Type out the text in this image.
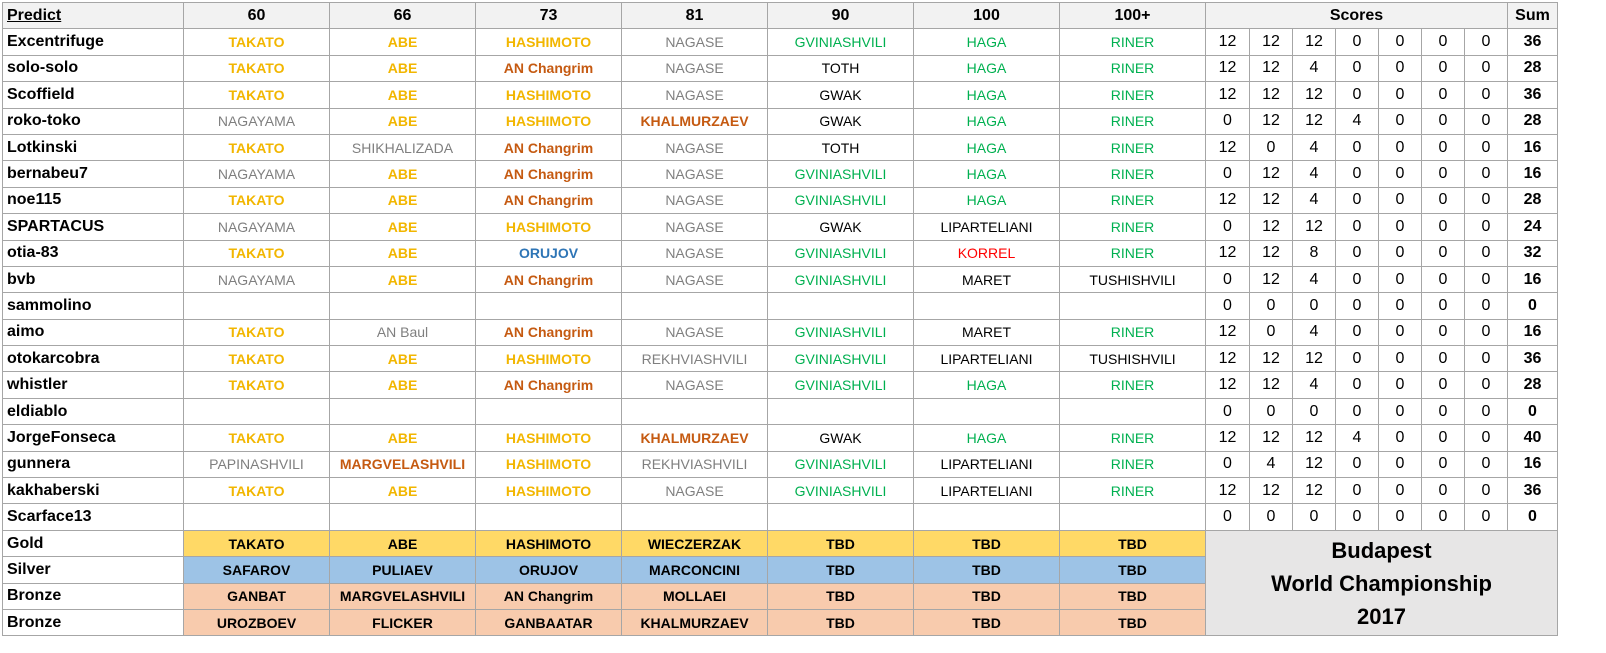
Predict	60	66	73	81	90	100	100+	Scores							Sum
Excentrifuge	TAKATO	ABE	HASHIMOTO	NAGASE	GVINIASHVILI	HAGA	RINER	12	12	12	0	0	0	0	36
solo-solo	TAKATO	ABE	AN Changrim	NAGASE	TOTH	HAGA	RINER	12	12	4	0	0	0	0	28
Scoffield	TAKATO	ABE	HASHIMOTO	NAGASE	GWAK	HAGA	RINER	12	12	12	0	0	0	0	36
roko-toko	NAGAYAMA	ABE	HASHIMOTO	KHALMURZAEV	GWAK	HAGA	RINER	0	12	12	4	0	0	0	28
Lotkinski	TAKATO	SHIKHALIZADA	AN Changrim	NAGASE	TOTH	HAGA	RINER	12	0	4	0	0	0	0	16
bernabeu7	NAGAYAMA	ABE	AN Changrim	NAGASE	GVINIASHVILI	HAGA	RINER	0	12	4	0	0	0	0	16
noe115	TAKATO	ABE	AN Changrim	NAGASE	GVINIASHVILI	HAGA	RINER	12	12	4	0	0	0	0	28
SPARTACUS	NAGAYAMA	ABE	HASHIMOTO	NAGASE	GWAK	LIPARTELIANI	RINER	0	12	12	0	0	0	0	24
otia-83	TAKATO	ABE	ORUJOV	NAGASE	GVINIASHVILI	KORREL	RINER	12	12	8	0	0	0	0	32
bvb	NAGAYAMA	ABE	AN Changrim	NAGASE	GVINIASHVILI	MARET	TUSHISHVILI	0	12	4	0	0	0	0	16
sammolino								0	0	0	0	0	0	0	0
aimo	TAKATO	AN Baul	AN Changrim	NAGASE	GVINIASHVILI	MARET	RINER	12	0	4	0	0	0	0	16
otokarcobra	TAKATO	ABE	HASHIMOTO	REKHVIASHVILI	GVINIASHVILI	LIPARTELIANI	TUSHISHVILI	12	12	12	0	0	0	0	36
whistler	TAKATO	ABE	AN Changrim	NAGASE	GVINIASHVILI	HAGA	RINER	12	12	4	0	0	0	0	28
eldiablo								0	0	0	0	0	0	0	0
JorgeFonseca	TAKATO	ABE	HASHIMOTO	KHALMURZAEV	GWAK	HAGA	RINER	12	12	12	4	0	0	0	40
gunnera	PAPINASHVILI	MARGVELASHVILI	HASHIMOTO	REKHVIASHVILI	GVINIASHVILI	LIPARTELIANI	RINER	0	4	12	0	0	0	0	16
kakhaberski	TAKATO	ABE	HASHIMOTO	NAGASE	GVINIASHVILI	LIPARTELIANI	RINER	12	12	12	0	0	0	0	36
Scarface13								0	0	0	0	0	0	0	0
Gold	TAKATO	ABE	HASHIMOTO	WIECZERZAK	TBD	TBD	TBD	Budapest
World Championship
2017							

Silver	SAFAROV	PULIAEV	ORUJOV	MARCONCINI	TBD	TBD	TBD								
Bronze	GANBAT	MARGVELASHVILI	AN Changrim	MOLLAEI	TBD	TBD	TBD								
Bronze	UROZBOEV	FLICKER	GANBAATAR	KHALMURZAEV	TBD	TBD	TBD								
